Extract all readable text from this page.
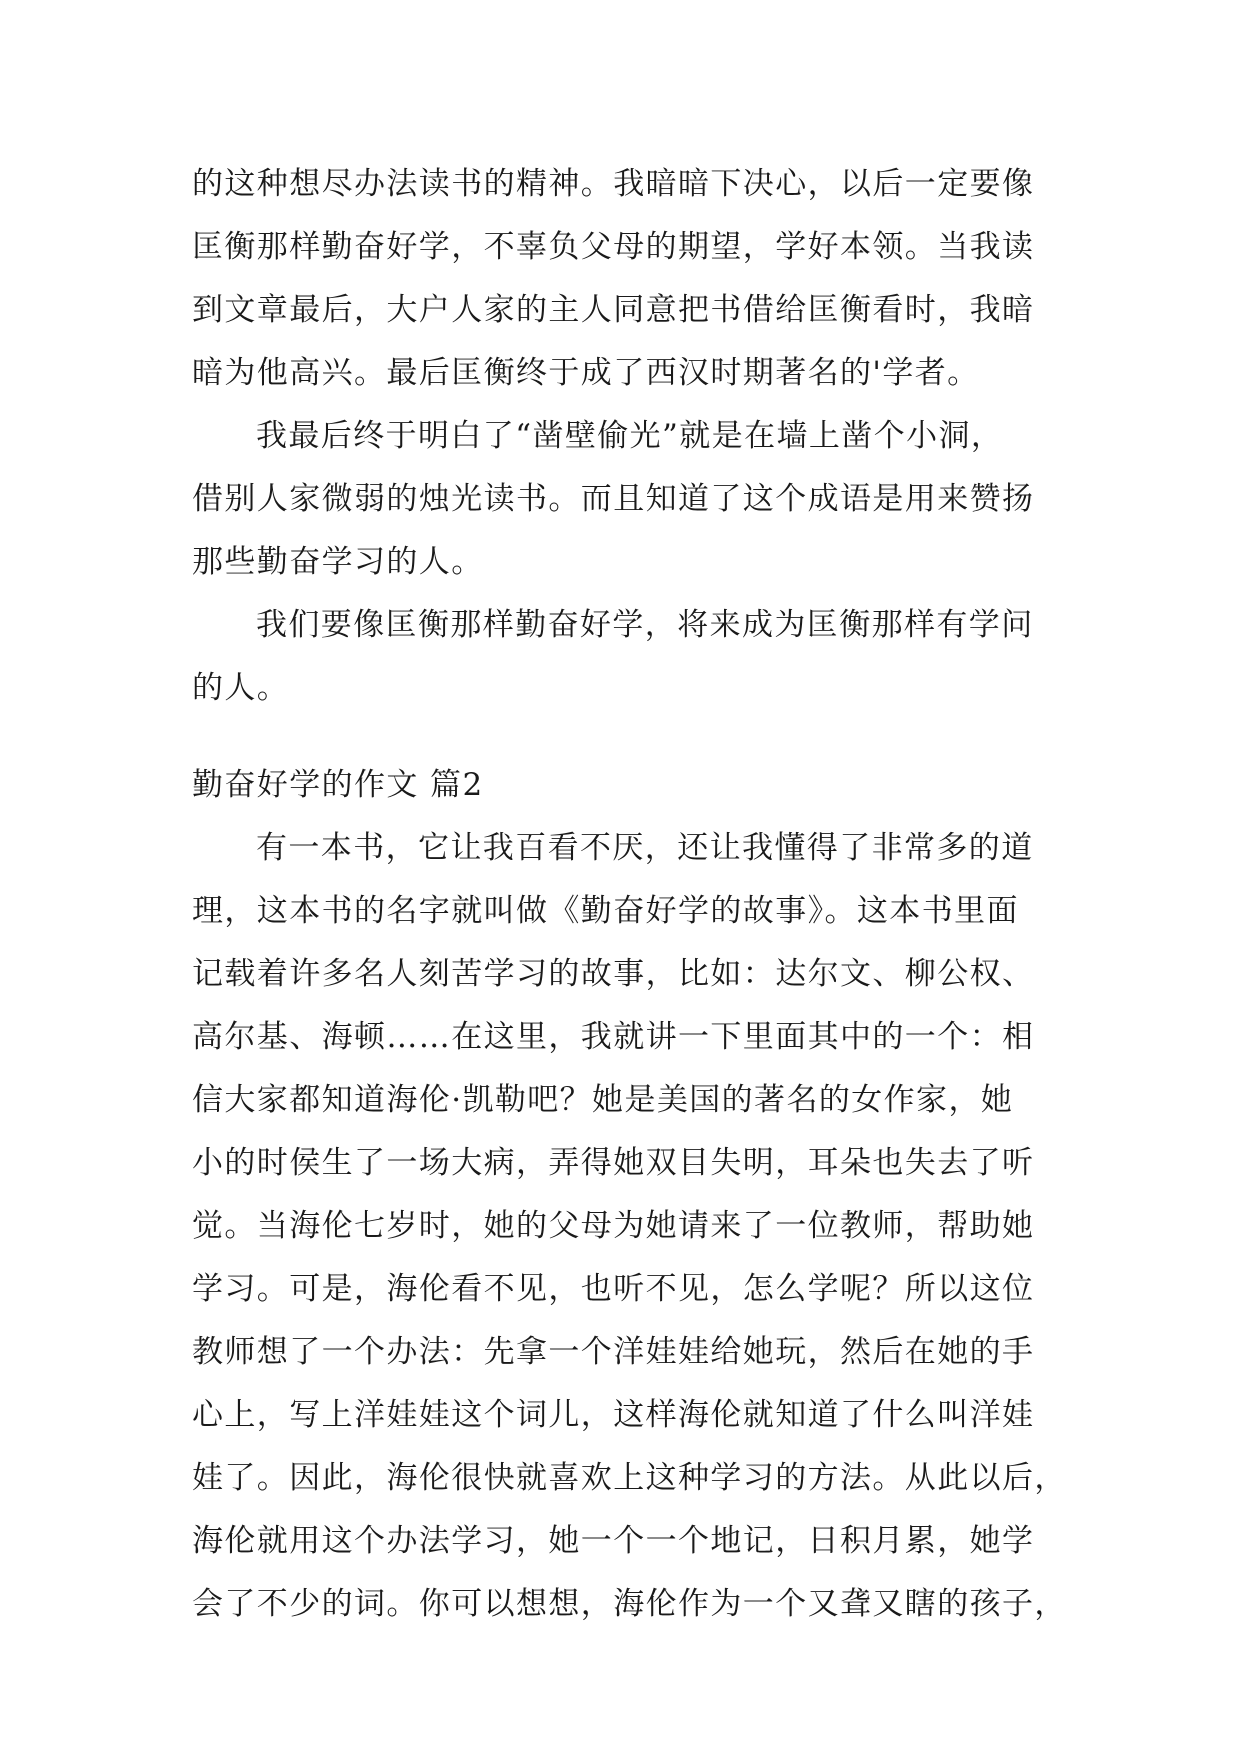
的这种想尽办法读书的精神。我暗暗下决心，以后一定要像

匡衡那样勤奋好学，不辜负父母的期望，学好本领。当我读

到文章最后，大户人家的主人同意把书借给匡衡看时，我暗

暗为他高兴。最后匡衡终于成了西汉时期著名的'学者。

我最后终于明白了“凿壁偷光”就是在墙上凿个小洞，

借别人家微弱的烛光读书。而且知道了这个成语是用来赞扬

那些勤奋学习的人。

我们要像匡衡那样勤奋好学，将来成为匡衡那样有学问

的人。

勤奋好学的作文 篇2

有一本书，它让我百看不厌，还让我懂得了非常多的道

理，这本书的名字就叫做《勤奋好学的故事》。这本书里面

记载着许多名人刻苦学习的故事，比如：达尔文、柳公权、

高尔基、海顿……在这里，我就讲一下里面其中的一个：相

信大家都知道海伦·凯勒吧？她是美国的著名的女作家，她

小的时侯生了一场大病，弄得她双目失明，耳朵也失去了听

觉。当海伦七岁时，她的父母为她请来了一位教师，帮助她

学习。可是，海伦看不见，也听不见，怎么学呢？所以这位

教师想了一个办法：先拿一个洋娃娃给她玩，然后在她的手

心上，写上洋娃娃这个词儿，这样海伦就知道了什么叫洋娃

娃了。因此，海伦很快就喜欢上这种学习的方法。从此以后，

海伦就用这个办法学习，她一个一个地记，日积月累，她学

会了不少的词。你可以想想，海伦作为一个又聋又瞎的孩子，
